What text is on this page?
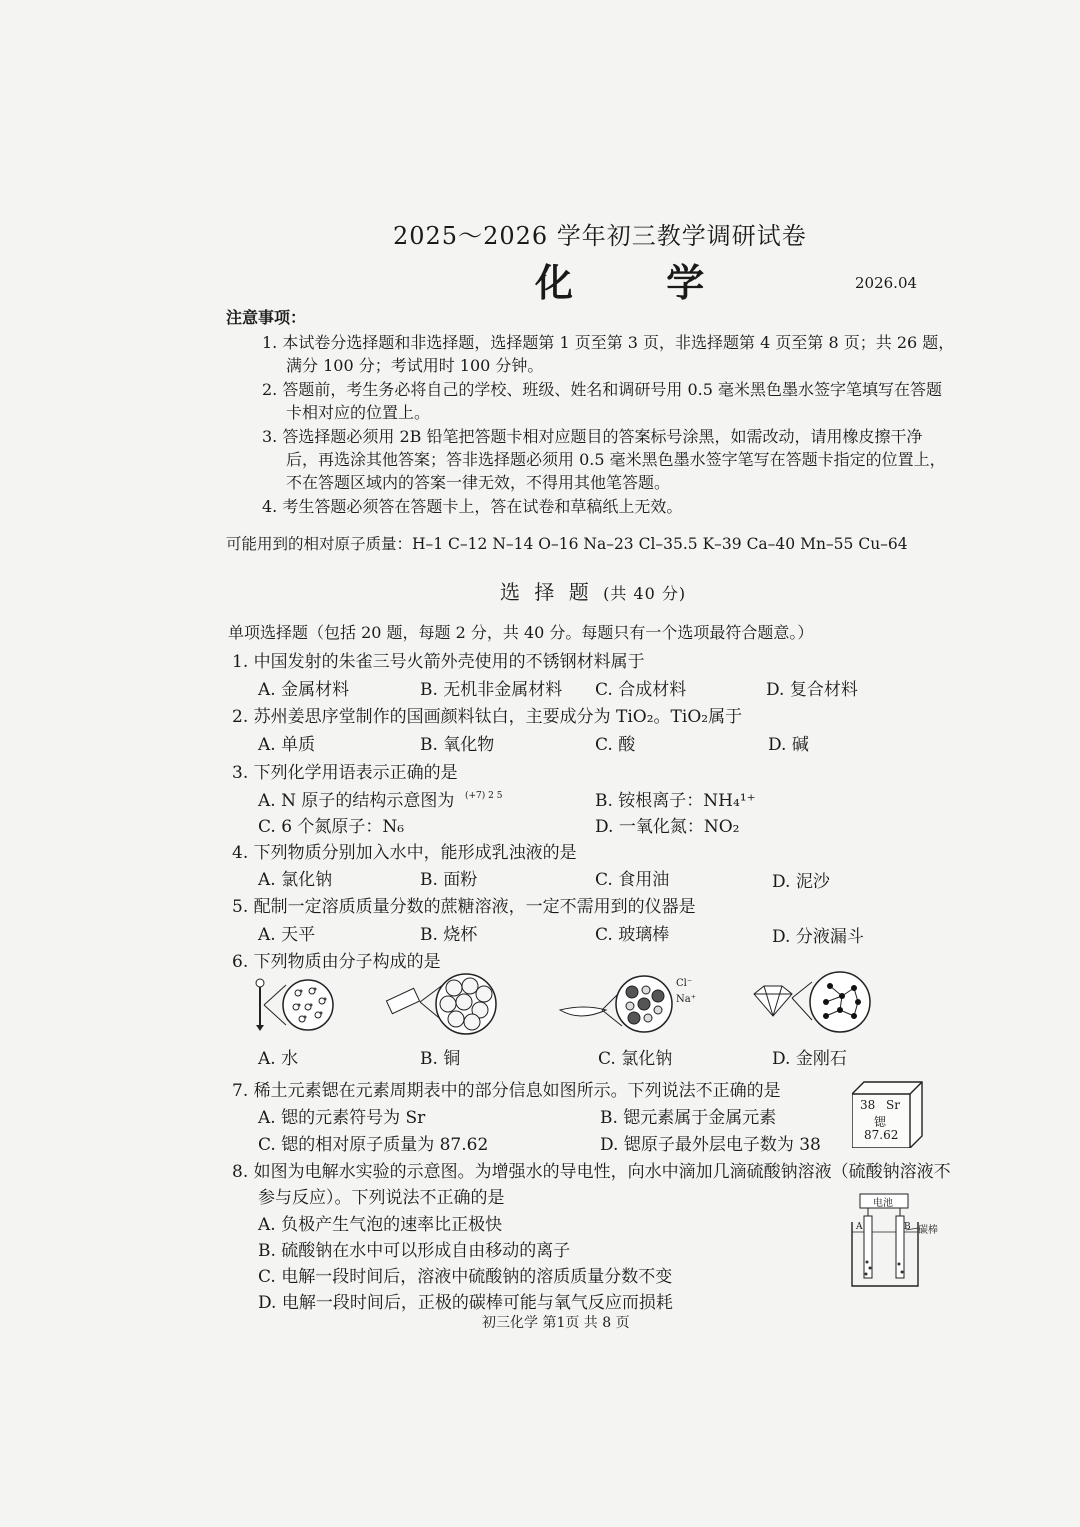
2025～2026 学年初三教学调研试卷
化 学	2026.04
注意事项：
1. 本试卷分选择题和非选择题，选择题第 1 页至第 3 页，非选择题第 4 页至第 8 页；共 26 题，
满分 100 分；考试用时 100 分钟。
2. 答题前，考生务必将自己的学校、班级、姓名和调研号用 0.5 毫米黑色墨水签字笔填写在答题
卡相对应的位置上。
3. 答选择题必须用 2B 铅笔把答题卡相对应题目的答案标号涂黑，如需改动，请用橡皮擦干净
后，再选涂其他答案；答非选择题必须用 0.5 毫米黑色墨水签字笔写在答题卡指定的位置上，
不在答题区域内的答案一律无效，不得用其他笔答题。
4. 考生答题必须答在答题卡上，答在试卷和草稿纸上无效。
可能用到的相对原子质量：H–1 C–12 N–14 O–16 Na–23 Cl–35.5 K–39 Ca–40 Mn–55 Cu–64
选 择 题 (共 40 分)
单项选择题（包括 20 题，每题 2 分，共 40 分。每题只有一个选项最符合题意。）
1. 中国发射的朱雀三号火箭外壳使用的不锈钢材料属于
A. 金属材料	B. 无机非金属材料 C. 合成材料	D. 复合材料
2. 苏州姜思序堂制作的国画颜料钛白，主要成分为 TiO₂。TiO₂属于
A. 单质	B. 氧化物	C. 酸	D. 碱
3. 下列化学用语表示正确的是
A. N 原子的结构示意图为 (+7) 2 5	B. 铵根离子：NH₄¹⁺
C. 6 个氮原子：N₆	D. 一氧化氮：NO₂
4. 下列物质分别加入水中，能形成乳浊液的是
A. 氯化钠	B. 面粉	C. 食用油	D. 泥沙
5. 配制一定溶质质量分数的蔗糖溶液，一定不需用到的仪器是
A. 天平	B. 烧杯	C. 玻璃棒	D. 分液漏斗
6. 下列物质由分子构成的是
Cl⁻
Na⁺
A. 水	B. 铜	C. 氯化钠	D. 金刚石
7. 稀土元素锶在元素周期表中的部分信息如图所示。下列说法不正确的是
A. 锶的元素符号为 Sr	B. 锶元素属于金属元素
C. 锶的相对原子质量为 87.62	D. 锶原子最外层电子数为 38
38 Sr
锶
87.62
8. 如图为电解水实验的示意图。为增强水的导电性，向水中滴加几滴硫酸钠溶液（硫酸钠溶液不
参与反应）。下列说法不正确的是
A. 负极产生气泡的速率比正极快
B. 硫酸钠在水中可以形成自由移动的离子
C. 电解一段时间后，溶液中硫酸钠的溶质质量分数不变
D. 电解一段时间后，正极的碳棒可能与氧气反应而损耗
电池
A	B 碳棒
初三化学 第1页 共 8 页
